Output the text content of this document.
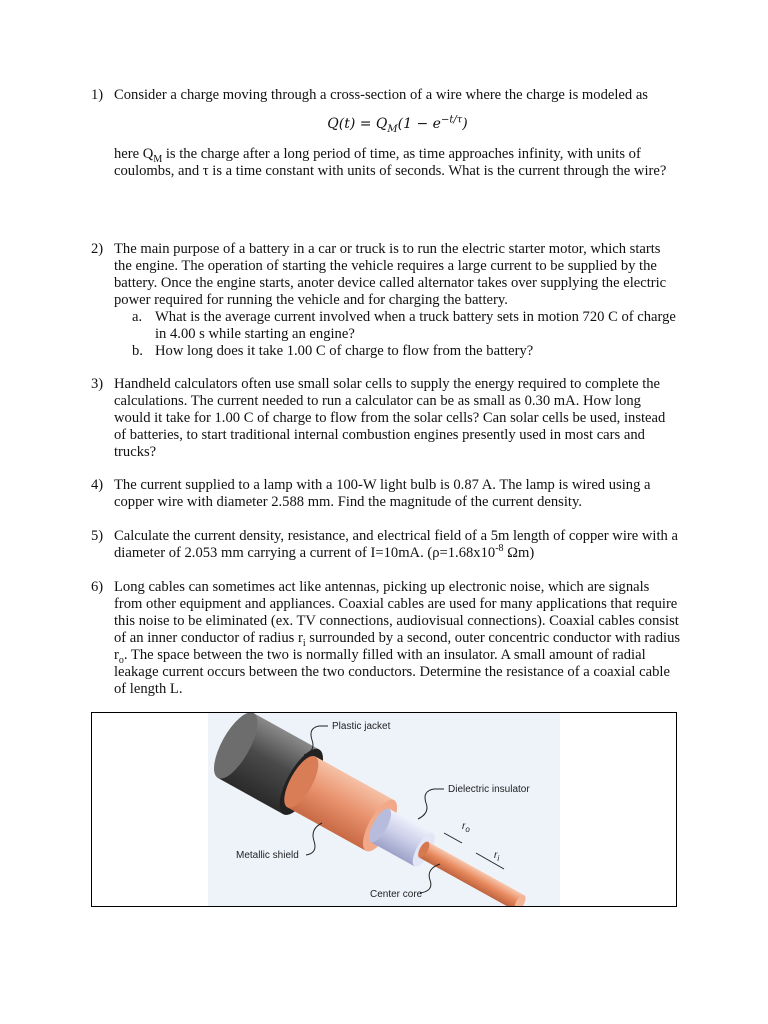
1) Consider a charge moving through a cross-section of a wire where the charge is modeled as

$Q(t) = Q_M(1 - e^{-t/\tau})$

here $Q_M$ is the charge after a long period of time, as time approaches infinity, with units of coulombs, and τ is a time constant with units of seconds. What is the current through the wire?

2) The main purpose of a battery in a car or truck is to run the electric starter motor, which starts the engine. The operation of starting the vehicle requires a large current to be supplied by the battery. Once the engine starts, anoter device called alternator takes over supplying the electric power required for running the vehicle and for charging the battery.

a. What is the average current involved when a truck battery sets in motion 720 C of charge in 4.00 s while starting an engine?

b. How long does it take 1.00 C of charge to flow from the battery?

3) Handheld calculators often use small solar cells to supply the energy required to complete the calculations. The current needed to run a calculator can be as small as 0.30 mA. How long would it take for 1.00 C of charge to flow from the solar cells? Can solar cells be used, instead of batteries, to start traditional internal combustion engines presently used in most cars and trucks?

4) The current supplied to a lamp with a 100-W light bulb is 0.87 A. The lamp is wired using a copper wire with diameter 2.588 mm. Find the magnitude of the current density.

5) Calculate the current density, resistance, and electrical field of a 5m length of copper wire with a diameter of 2.053 mm carrying a current of I=10mA. ($\rho=1.68x10^{-8}$ Ωm)

6) Long cables can sometimes act like antennas, picking up electronic noise, which are signals from other equipment and appliances. Coaxial cables are used for many applications that require this noise to be eliminated (ex. TV connections, audiovisual connections). Coaxial cables consist of an inner conductor of radius $r_i$ surrounded by a second, outer concentric conductor with radius $r_o$. The space between the two is normally filled with an insulator. A small amount of radial leakage current occurs between the two conductors. Determine the resistance of a coaxial cable of length L.

Plastic jacket
Dielectric insulator
Metallic shield
Center core
$r_o$
$r_i$
